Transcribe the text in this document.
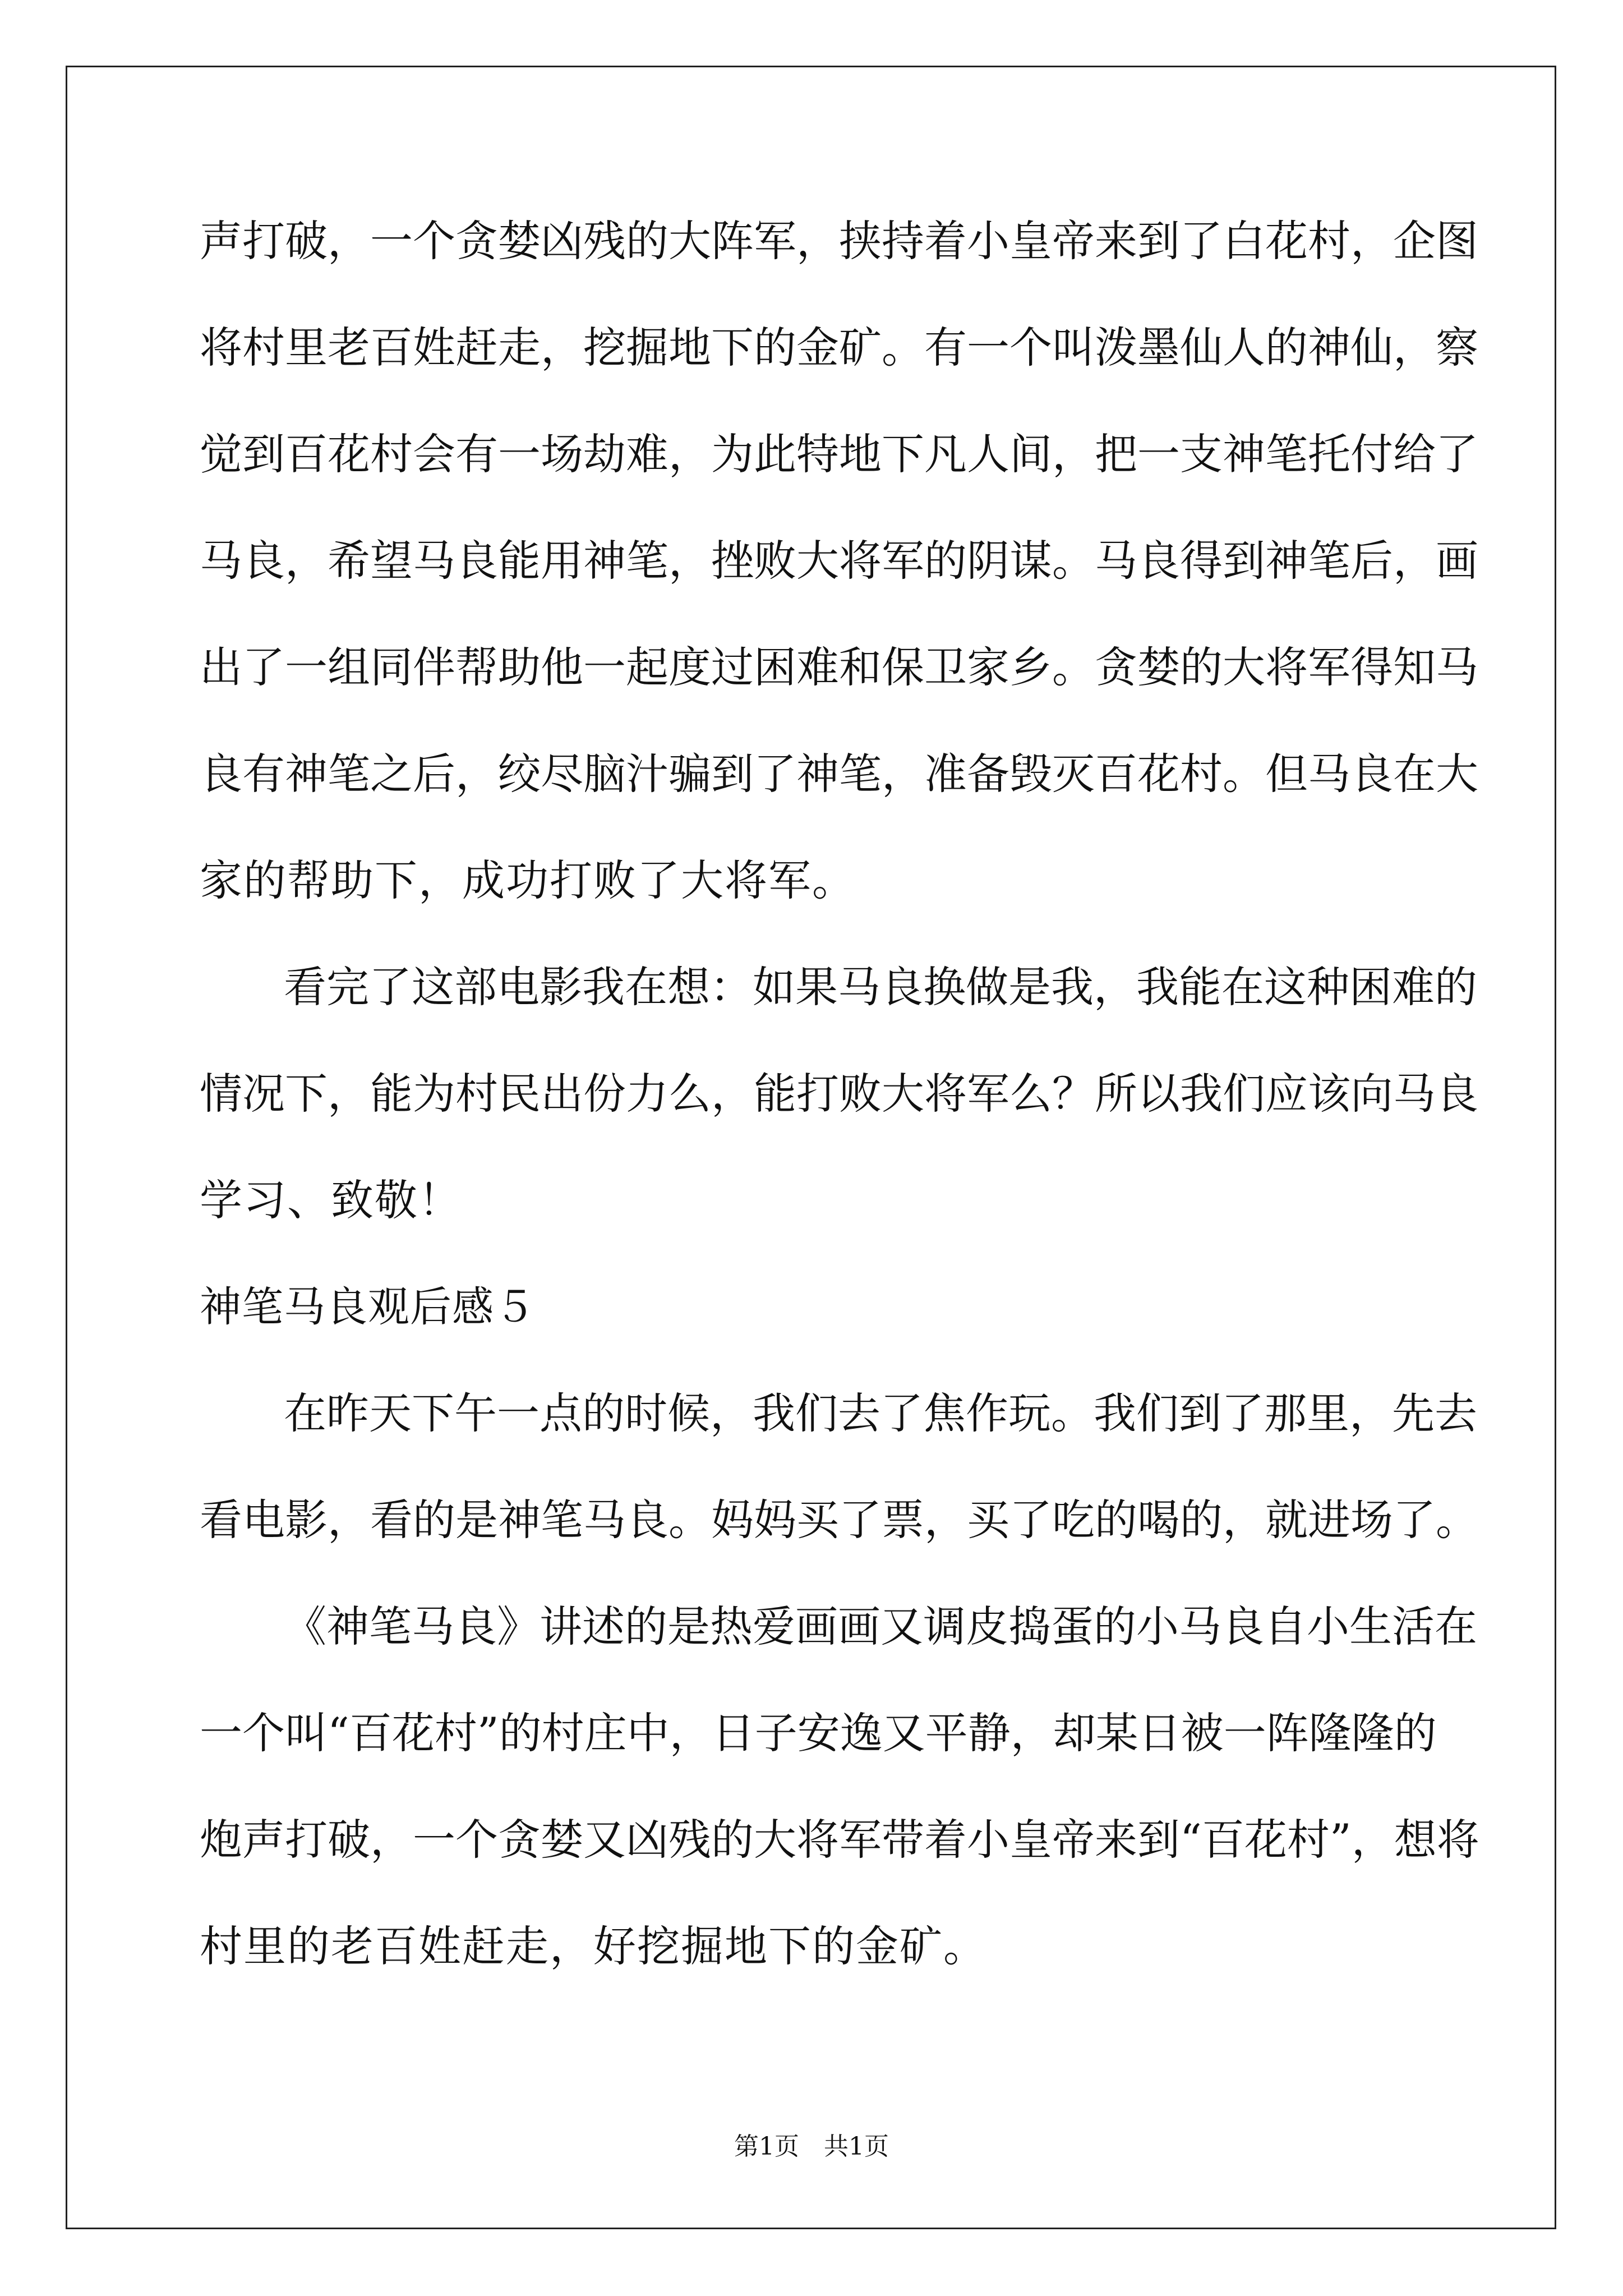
声 打 破 ， 一 个 贪 婪 凶 残 的 大 阵 军 ， 挟 持 着 小 皇 帝 来 到 了 白 花 村 ， 企 图
将 村 里 老 百 姓 赶 走 ， 挖 掘 地 下 的 金 矿 。 有 一 个 叫 泼 墨 仙 人 的 神 仙 ， 察
觉 到 百 花 村 会 有 一 场 劫 难 ， 为 此 特 地 下 凡 人 间 ， 把 一 支 神 笔 托 付 给 了
马 良 ， 希 望 马 良 能 用 神 笔 ， 挫 败 大 将 军 的 阴 谋 。 马 良 得 到 神 笔 后 ， 画
出 了 一 组 同 伴 帮 助 他 一 起 度 过 困 难 和 保 卫 家 乡 。 贪 婪 的 大 将 军 得 知 马
良 有 神 笔 之 后 ， 绞 尽 脑 汁 骗 到 了 神 笔 ， 准 备 毁 灭 百 花 村 。 但 马 良 在 大
家的帮助下，成功打败了大将军。
看 完 了 这 部 电 影 我 在 想 ： 如 果 马 良 换 做 是 我 ， 我 能 在 这 种 困 难 的
情 况 下 ， 能 为 村 民 出 份 力 么 ， 能 打 败 大 将 军 么 ？ 所 以 我 们 应 该 向 马 良
学习、致敬！
神笔马良观后感５
在 昨 天 下 午 一 点 的 时 候 ， 我 们 去 了 焦 作 玩 。 我 们 到 了 那 里 ， 先 去
看 电 影 ， 看 的 是 神 笔 马 良 。 妈 妈 买 了 票 ， 买 了 吃 的 喝 的 ， 就 进 场 了 。
《 神 笔 马 良 》 讲 述 的 是 热 爱 画 画 又 调 皮 捣 蛋 的 小 马 良 自 小 生 活 在
一 个 叫 “ 百 花 村 ” 的 村 庄 中 ， 日 子 安 逸 又 平 静 ， 却 某 日 被 一 阵 隆 隆 的
炮 声 打 破 ， 一 个 贪 婪 又 凶 残 的 大 将 军 带 着 小 皇 帝 来 到 “ 百 花 村 ” ， 想 将
村里的老百姓赶走，好挖掘地下的金矿。
第1页　共1页
